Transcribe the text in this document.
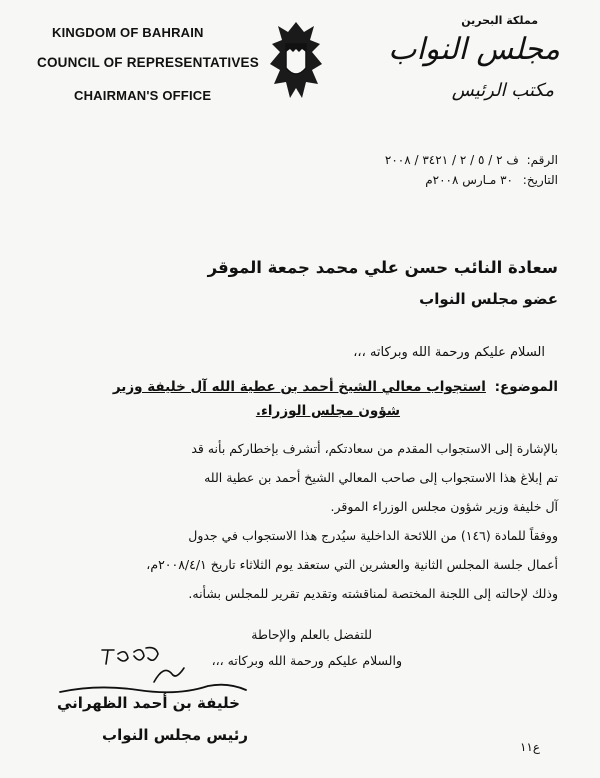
KINGDOM OF BAHRAIN
COUNCIL OF REPRESENTATIVES
CHAIRMAN'S OFFICE
مملكة البحرين
مجلس النواب
مكتب الرئيس
الرقم: ف ٢ / ٥ / ٢ / ٣٤٢١ / ٢٠٠٨
التاريخ: ٣٠ مـارس ٢٠٠٨م
سعادة النائب حسن علي محمد جمعة الموقر
عضو مجلس النواب
السلام عليكم ورحمة الله وبركاته ،،،
الموضوع: استجواب معالي الشيخ أحمد بن عطية الله آل خليفة وزير
شؤون مجلس الوزراء.
بالإشارة إلى الاستجواب المقدم من سعادتكم، أتشرف بإخطاركم بأنه قد
تم إبلاغ هذا الاستجواب إلى صاحب المعالي الشيخ أحمد بن عطية الله
آل خليفة وزير شؤون مجلس الوزراء الموقر.
ووفقاً للمادة (١٤٦) من اللائحة الداخلية سيُدرج هذا الاستجواب في جدول
أعمال جلسة المجلس الثانية والعشرين التي ستعقد يوم الثلاثاء تاريخ ٢٠٠٨/٤/١م،
وذلك لإحالته إلى اللجنة المختصة لمناقشته وتقديم تقرير للمجلس بشأنه.
للتفضل بالعلم والإحاطة
والسلام عليكم ورحمة الله وبركاته ،،،
خليفة بن أحمد الظهراني
رئيس مجلس النواب
ع١١
